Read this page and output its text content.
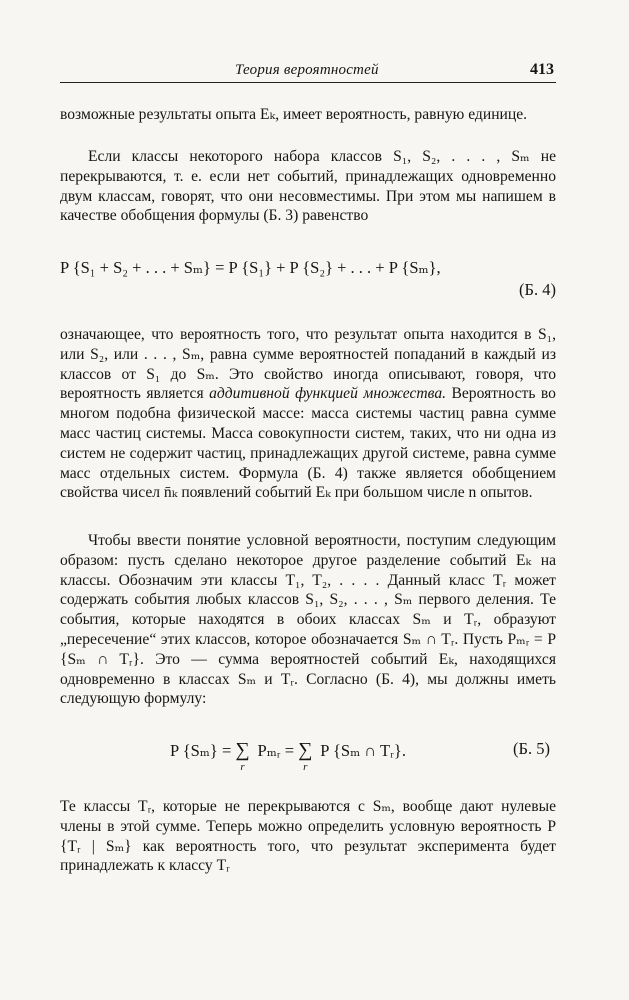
Теория вероятностей	413

возможные результаты опыта Eₖ, имеет вероятность, равную единице.

Если классы некоторого набора классов S₁, S₂, . . . , Sₘ не перекрываются, т. е. если нет событий, принадлежащих одновременно двум классам, говорят, что они несовместимы. При этом мы напишем в качестве обобщения формулы (Б. 3) равенство

P {S₁ + S₂ + . . . + Sₘ} = P {S₁} + P {S₂} + . . . + P {Sₘ},
(Б. 4)

означающее, что вероятность того, что результат опыта находится в S₁, или S₂, или . . . , Sₘ, равна сумме вероятностей попаданий в каждый из классов от S₁ до Sₘ. Это свойство иногда описывают, говоря, что вероятность является аддитивной функцией множества. Вероятность во многом подобна физической массе: масса системы частиц равна сумме масс частиц системы. Масса совокупности систем, таких, что ни одна из систем не содержит частиц, принадлежащих другой системе, равна сумме масс отдельных систем. Формула (Б. 4) также является обобщением свойства чисел n̄ₖ появлений событий Eₖ при большом числе n опытов.

Чтобы ввести понятие условной вероятности, поступим следующим образом: пусть сделано некоторое другое разделение событий Eₖ на классы. Обозначим эти классы T₁, T₂, . . . . Данный класс Tᵣ может содержать события любых классов S₁, S₂, . . . , Sₘ первого деления. Те события, которые находятся в обоих классах Sₘ и Tᵣ, образуют „пересечение“ этих классов, которое обозначается Sₘ ∩ Tᵣ. Пусть Pₘᵣ = P {Sₘ ∩ Tᵣ}. Это — сумма вероятностей событий Eₖ, находящихся одновременно в классах Sₘ и Tᵣ. Согласно (Б. 4), мы должны иметь следующую формулу:

P {Sₘ} = ∑
r
Pₘᵣ = ∑
r
P {Sₘ ∩ Tᵣ}.	(Б. 5)

Те классы Tᵣ, которые не перекрываются с Sₘ, вообще дают нулевые члены в этой сумме. Теперь можно определить условную вероятность P {Tᵣ | Sₘ} как вероятность того, что результат эксперимента будет принадлежать к классу Tᵣ
